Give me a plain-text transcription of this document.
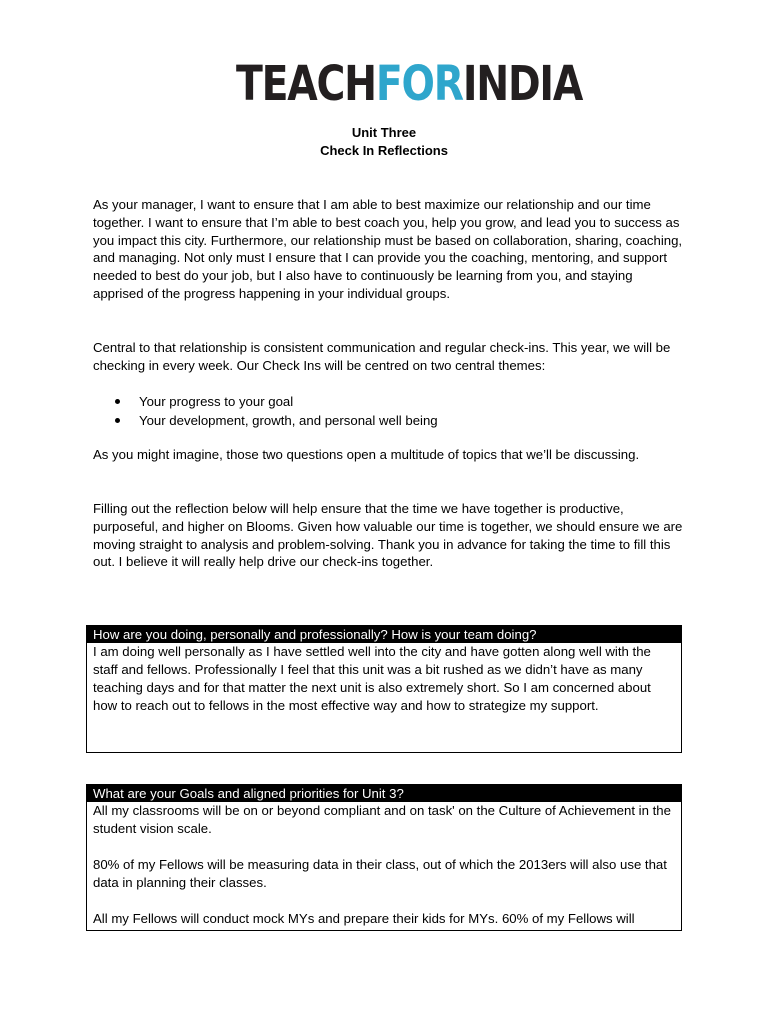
TEACHFORINDIA
Unit Three
Check In Reflections

As your manager, I want to ensure that I am able to best maximize our relationship and our time together. I want to ensure that I’m able to best coach you, help you grow, and lead you to success as you impact this city. Furthermore, our relationship must be based on collaboration, sharing, coaching, and managing. Not only must I ensure that I can provide you the coaching, mentoring, and support needed to best do your job, but I also have to continuously be learning from you, and staying apprised of the progress happening in your individual groups.

Central to that relationship is consistent communication and regular check-ins. This year, we will be checking in every week. Our Check Ins will be centred on two central themes:

Your progress to your goal
Your development, growth, and personal well being

As you might imagine, those two questions open a multitude of topics that we’ll be discussing.

Filling out the reflection below will help ensure that the time we have together is productive, purposeful, and higher on Blooms. Given how valuable our time is together, we should ensure we are moving straight to analysis and problem-solving. Thank you in advance for taking the time to fill this out. I believe it will really help drive our check-ins together.

How are you doing, personally and professionally? How is your team doing?

I am doing well personally as I have settled well into the city and have gotten along well with the staff and fellows. Professionally I feel that this unit was a bit rushed as we didn’t have as many teaching days and for that matter the next unit is also extremely short. So I am concerned about how to reach out to fellows in the most effective way and how to strategize my support.

What are your Goals and aligned priorities for Unit 3?

All my classrooms will be on or beyond compliant and on task' on the Culture of Achievement in the student vision scale.

80% of my Fellows will be measuring data in their class, out of which the 2013ers will also use that data in planning their classes.

All my Fellows will conduct mock MYs and prepare their kids for MYs. 60% of my Fellows will
